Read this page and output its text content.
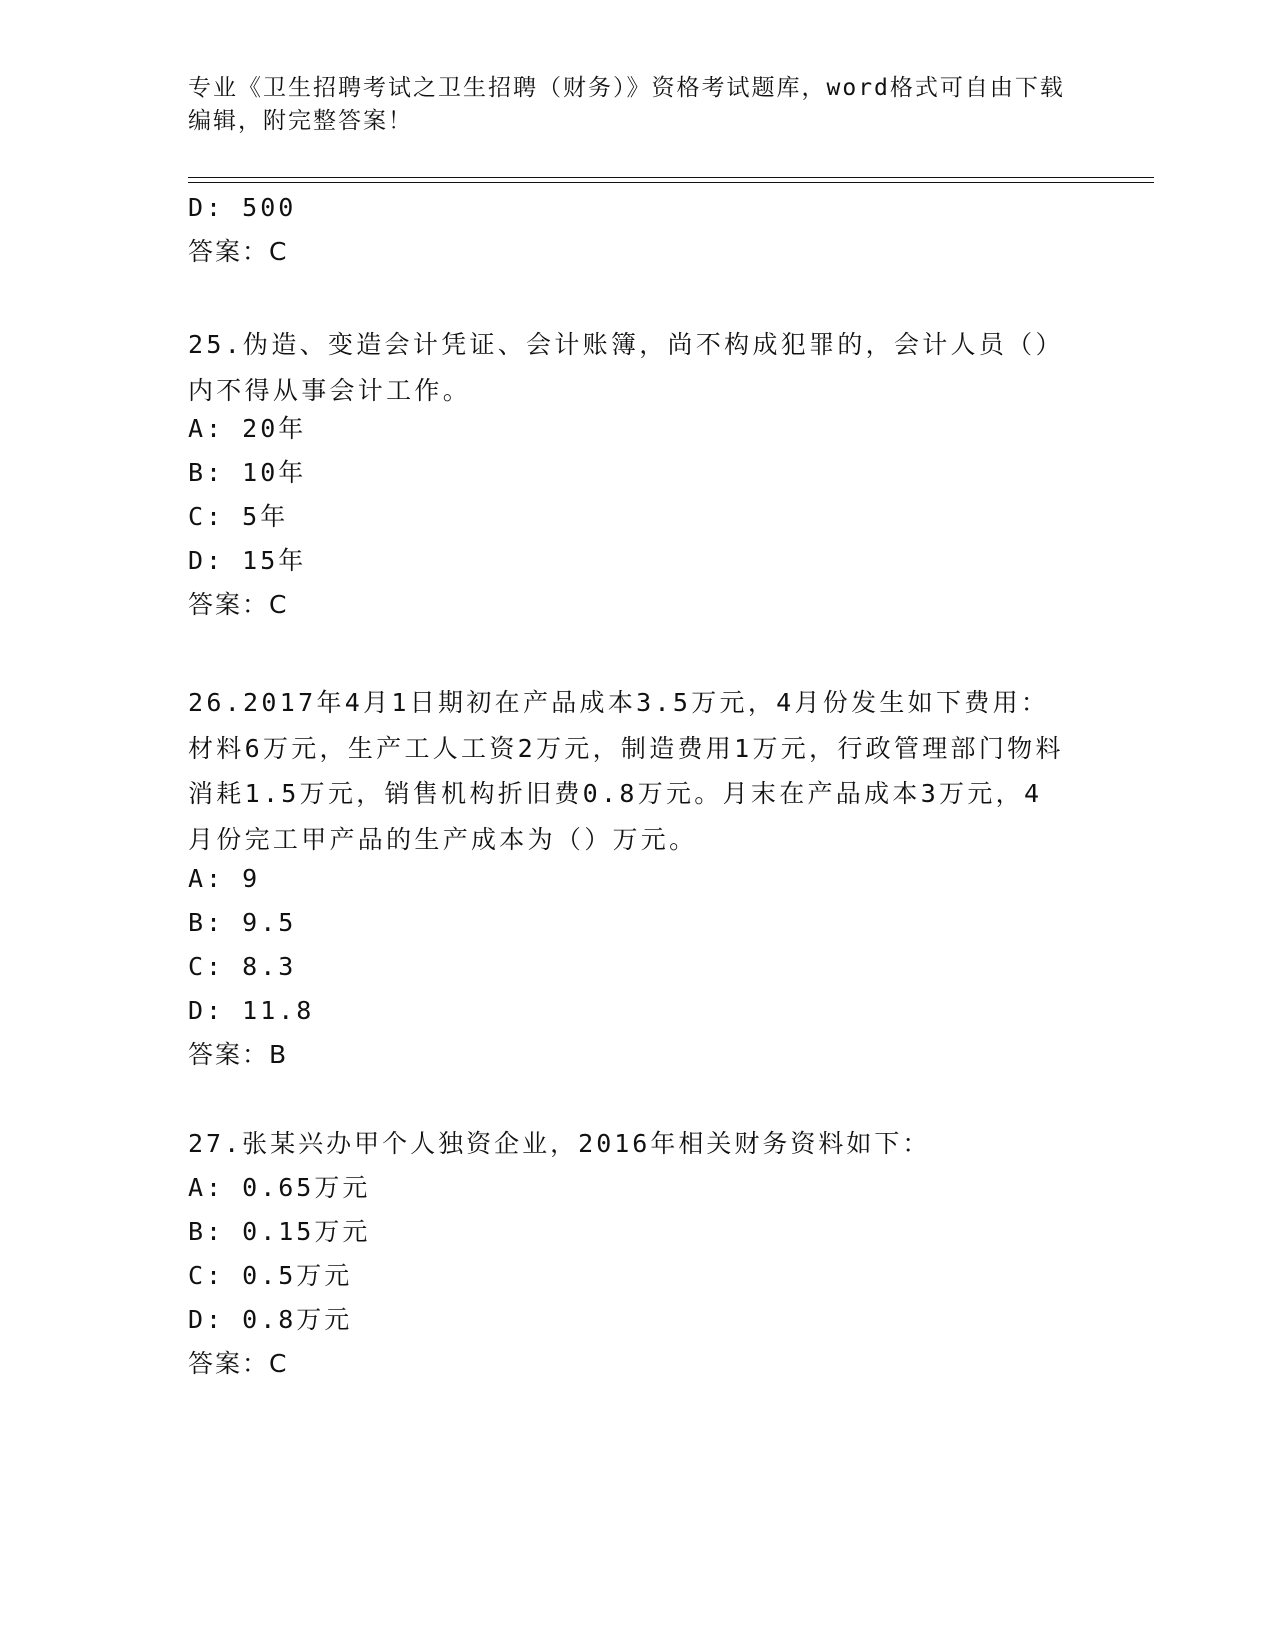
专业《卫生招聘考试之卫生招聘（财务）》资格考试题库，word格式可自由下载编辑，附完整答案！
D: 500
答案：C
25.伪造、变造会计凭证、会计账簿，尚不构成犯罪的，会计人员（）内不得从事会计工作。
A: 20年
B: 10年
C: 5年
D: 15年
答案：C
26.2017年4月1日期初在产品成本3.5万元，4月份发生如下费用：材料6万元，生产工人工资2万元，制造费用1万元，行政管理部门物料消耗1.5万元，销售机构折旧费0.8万元。月末在产品成本3万元，4月份完工甲产品的生产成本为（）万元。
A: 9
B: 9.5
C: 8.3
D: 11.8
答案：B
27.张某兴办甲个人独资企业，2016年相关财务资料如下：
A: 0.65万元
B: 0.15万元
C: 0.5万元
D: 0.8万元
答案：C
